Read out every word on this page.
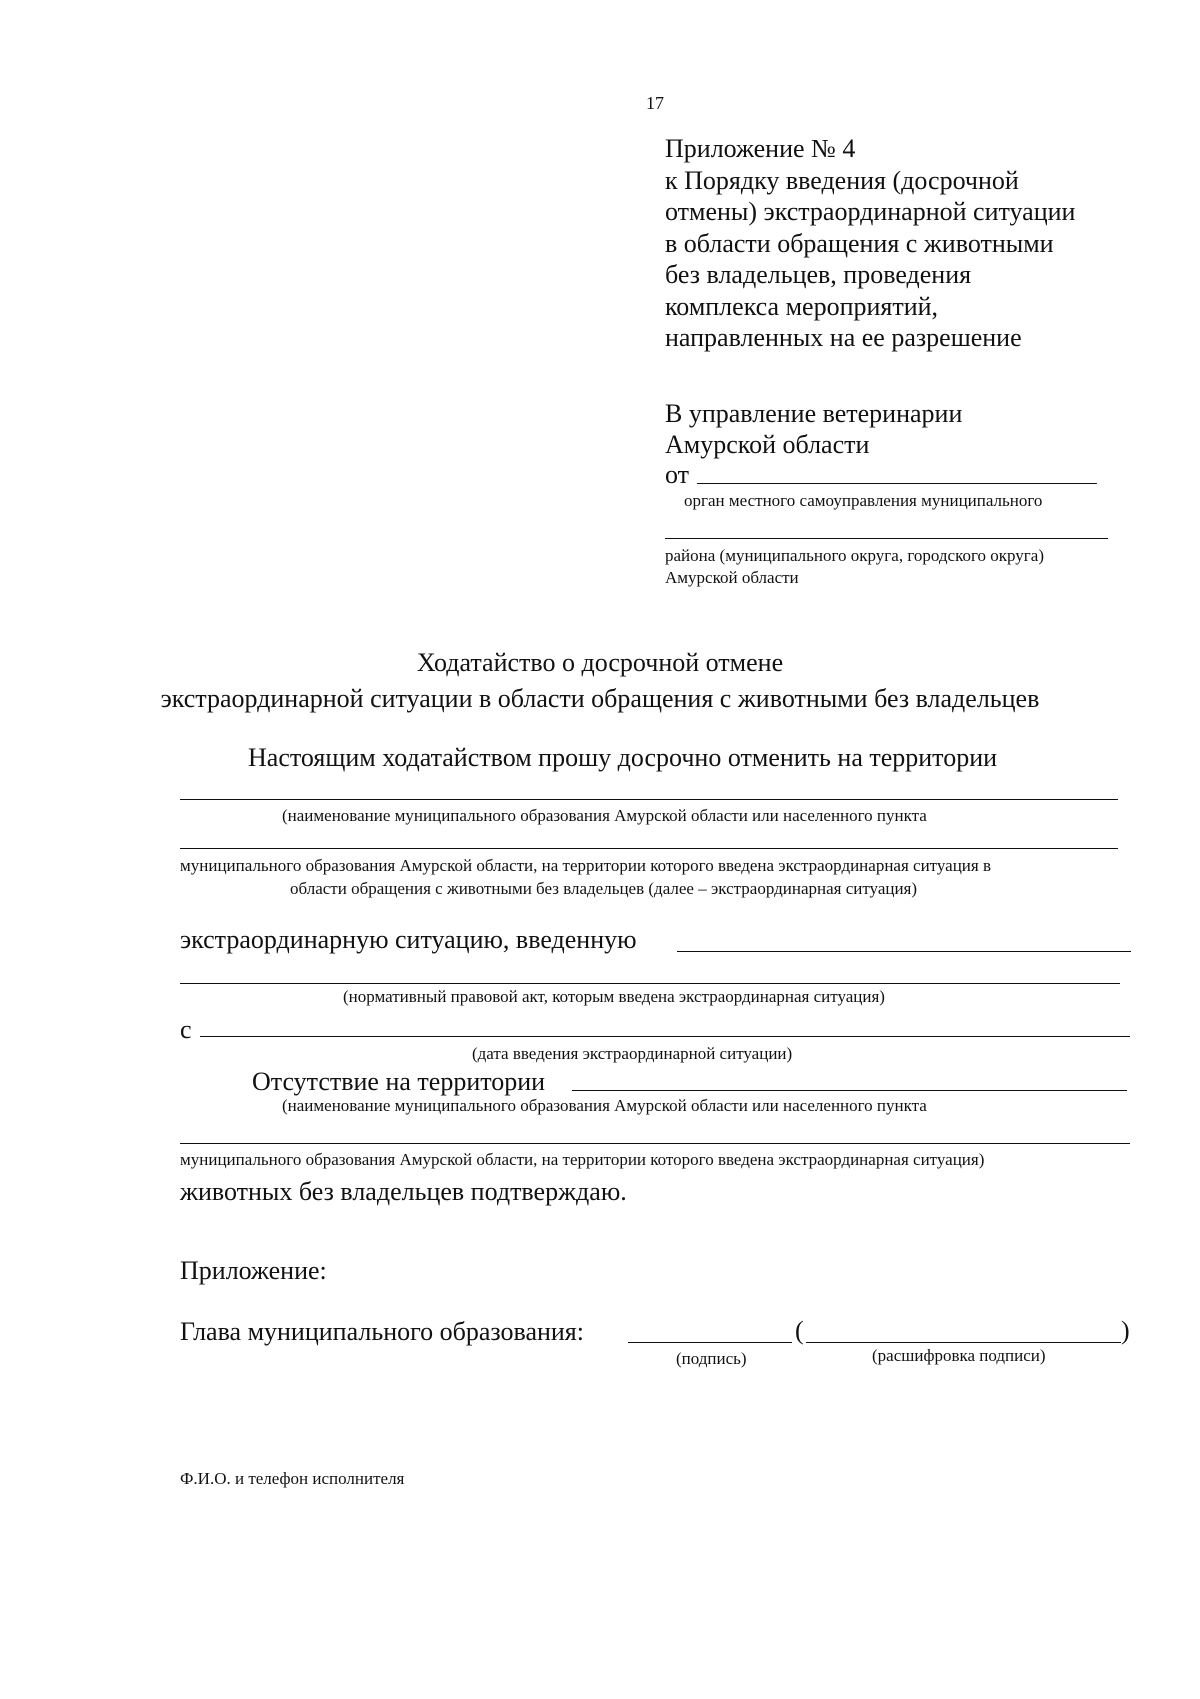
17
Приложение № 4
к Порядку введения (досрочной
отмены) экстраординарной ситуации
в области обращения с животными
без владельцев, проведения
комплекса мероприятий,
направленных на ее разрешение
В управление ветеринарии
Амурской области
от
орган местного самоуправления муниципального
района (муниципального округа, городского округа)
Амурской области
Ходатайство о досрочной отмене
экстраординарной ситуации в области обращения с животными без владельцев
Настоящим ходатайством прошу досрочно отменить на территории
(наименование муниципального образования Амурской области или населенного пункта
муниципального образования Амурской области, на территории которого введена экстраординарная ситуация в
области обращения с животными без владельцев (далее – экстраординарная ситуация)
экстраординарную ситуацию, введенную
(нормативный правовой акт, которым введена экстраординарная ситуация)
с
(дата введения экстраординарной ситуации)
Отсутствие на территории
(наименование муниципального образования Амурской области или населенного пункта
муниципального образования Амурской области, на территории которого введена экстраординарная ситуация)
животных без владельцев подтверждаю.
Приложение:
Глава муниципального образования:	(	)
(подпись)	(расшифровка подписи)
Ф.И.О. и телефон исполнителя
